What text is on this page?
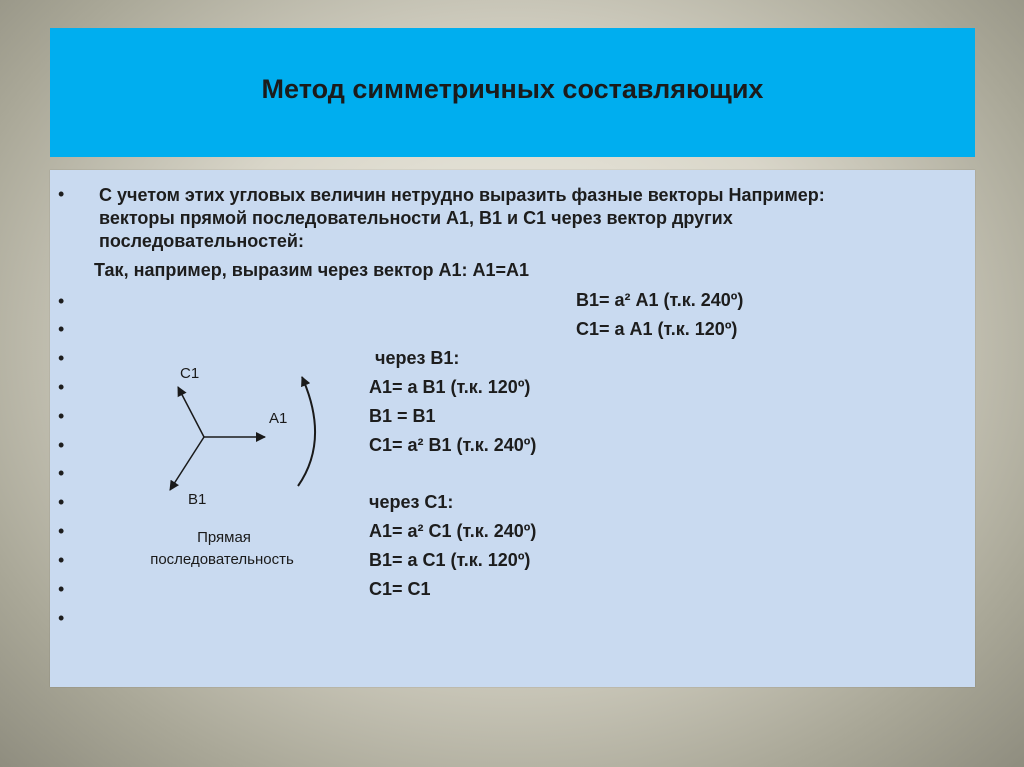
Метод симметричных составляющих
•
•
•
•
•
•
•
•
•
•
•
•
•
С учетом этих угловых величин нетрудно выразить фазные векторы Например:
векторы прямой последовательности А1, В1 и С1 через вектор других
последовательностей:
Так, например, выразим через вектор А1: А1=А1
В1= а² А1 (т.к. 240º)
С1= а А1 (т.к. 120º)
через В1:
А1= а В1 (т.к. 120º)
В1 = В1
С1= а² В1 (т.к. 240º)
через С1:
А1= а² С1 (т.к. 240º)
В1= а С1 (т.к. 120º)
С1= С1
А1
С1
В1
Прямая
последовательность
